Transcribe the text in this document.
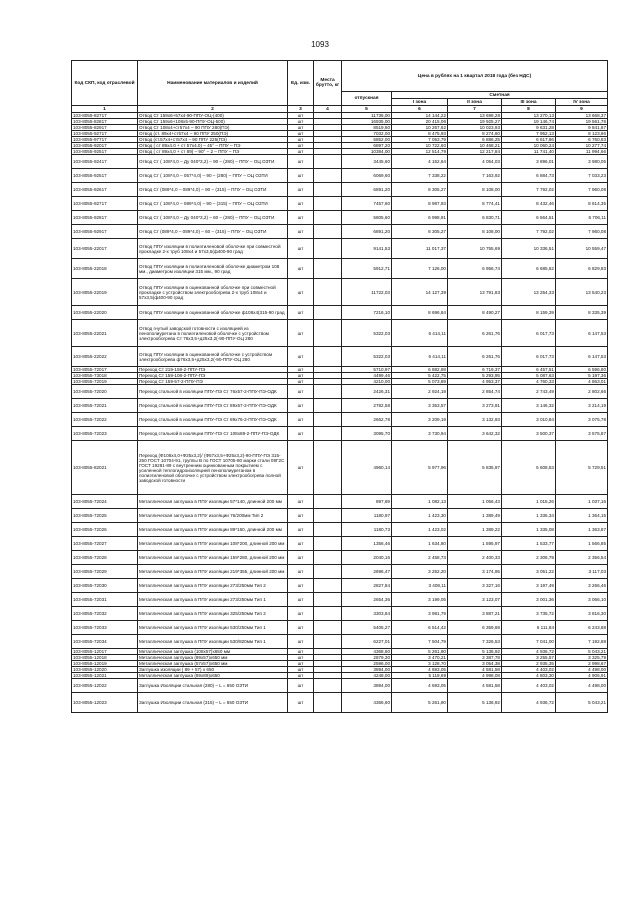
1093
Код СКП, код отраслевой	Наименование материалов и изделий	Ед. изм.	Места брутто, кг	Цена в рублях на 1 квартал 2018 года (без НДС)				
				отпускная	Сметная			
					I зона	II зона	III зона	IV зона
1	2	3	4	5	6	7	8	9
103-8055-82717	Отвод Ст 159х6+57х4-90-ППУ-ОЦ-(400)	шт		11736,00	14 144,22	13 698,28	13 270,13	13 668,37
103-8055-82817	Отвод Ст 159х6+108х5-90-ППУ-ОЦ-500)	шт		16935,00	20 415,06	19 925,27	19 146,74	19 561,76
103-8055-82917	Отвод Ст 108х4+ст57х4 – 90 ППУ 280(ПЭ)	шт		8519,60	10 267,62	10 023,93	9 631,28	9 841,67
103-8055-92717	Отвод (ст. 89х4+ст57х4 – 90 ППУ 250(ПЭ)	шт		7032,00	8 475,93	8 274,60	7 952,13	8 123,86
103-8055-97717	Отвод (ст.57х4+ст57х4 – 90 ППУ 225(ПЭ)	шт		5852,00	7 053,79	6 886,25	6 617,86	6 760,83
103-8055-92017	Отвод ( ст 89х4.0 + ст 57х4.0) – 45° – ППУ – ПЭ	шт		6897,20	10 722,60	10 468,21	10 060,24	10 277,74
103-8055-92517	Отвод ( ст 89х4,0 + ст 89) – 90° – 2 – ППУ – ПЭ	шт		10384,00	12 514,79	12 217,84	11 741,40	11 994,66
103-8055-92417	Отвод Ст ( 108*4,0 – Дy 040*3,2) – 90 – (280) – ППУ – ОЦ ОЗТИ	шт		3445,60	4 152,64	4 054,03	3 896,01	3 980,05
103-8055-92517	Отвод Ст ( 108*4,0 – 057*4,0) – 90 – (280) – ППУ – ОЦ ОЗТИ	шт		6069,60	7 338,22	7 163,92	6 884,73	7 033,23
103-8055-92617	Отвод Ст (089*4,0 – 089*4,0) – 90 – (315) – ППУ – ОЦ ОЗТИ	шт		6891,20	8 305,27	8 108,00	7 792,02	7 960,08
103-8055-92717	Отвод Ст ( 108*4,0 – 089*4,0) – 90 – (315) – ППУ – ОЦ ОЗТИ	шт		7457,60	8 987,93	8 774,41	8 432,46	8 614,35
103-8055-92817	Отвод Ст ( 108*4,0 – Дy 040*3,2) – 60 – (280) – ППУ – ОЦ ОЗТИ	шт		5805,60	6 998,91	6 830,71	6 564,51	6 706,11
103-8055-92917	Отвод Ст (089*4,0 – 089*4,0) – 60 – (315) – ППУ – ОЦ ОЗТИ	шт		6891,20	8 305,27	8 108,00	7 792,02	7 960,08
103-8055-22017	Отвод ППУ изоляции в полиэтиленовой оболочке при совместной прокладке 2-х труб 108х4 и 57х3,5(ф400-90 град	шт		9141,53	11 017,37	10 755,69	10 336,51	10 559,47
103-8055-22018	Отвод ППУ изоляции в полиэтиленовой оболочке диаметром 108 мм., диаметром изоляции 315 мм., 90 град	шт		5912,71	7 126,00	6 956,74	6 685,62	6 829,83
103-8055-22019	Отвод ППУ изоляции в оцинкованной оболочке при совместной прокладке с устройством электрообогрева 2-х труб 108х4 и 57х3,5(ф400-90 град	шт		11722,03	14 127,39	13 791,83	13 254,33	13 540,23
103-8055-22020	Отвод ППУ изоляции в оцинкованной оболочке ф108х4(315-90 град	шт		7216,10	8 696,84	8 490,27	8 159,39	8 335,39
103-8055-22021	Отвод гнутый заводской готовности с изоляцией из пенополиуретана в полиэтиленовой оболочке с устройством электрообогрева Ст 76х3,5+д25х3,2(-90-ППУ-ОЦ 280	шт		5322,03	6 414,11	6 261,76	6 017,73	6 147,53
103-8055-22022	Отвод ППУ изоляции в оцинкованной оболочке с устройством электрообогрева ф76х3,5+д25х3,2(-90-ППУ-ОЦ 280	шт		5322,03	6 414,11	6 261,76	6 017,73	6 147,53
103-8055-72017	Переход Ст 219-159-2-ППУ-ПЭ	шт		5710,97	6 882,88	6 719,37	6 457,51	6 596,80
103-8055-73018	Переход Ст 159-108-2-ППУ-ПЭ	шт		4499,46	5 422,75	5 293,95	5 087,63	5 197,36
103-8055-72019	Переход Ст 159-57-2-ППУ-ПЭ	шт		4210,00	5 073,89	4 953,37	4 760,33	4 863,01
103-8055-72020	Переход стальной в изоляции ППУ-ПЭ Ст 76х57-2-ППУ-ПЭ-ОДК	шт		2426,31	2 924,19	2 854,74	2 743,49	2 802,66
103-8055-72021	Переход стальной в изоляции ППУ-ПЭ Ст 89х57-2-ППУ-ПЭ-ОДК	шт		2782,58	3 353,57	3 273,91	3 146,32	3 214,19
103-8055-72022	Переход стальной в изоляции ППУ-ПЭ Ст 89х76-2-ППУ-ПЭ-ОДК	шт		2662,78	3 209,19	3 132,93	3 010,84	3 075,78
103-8055-72023	Переход стальной в изоляции ППУ-ПЭ Ст 108х89-2-ППУ-ПЭ-ОДК	шт		3095,70	3 730,94	3 642,32	3 500,37	3 575,87
103-8055-82021	Переход (Ф108х4,0+Ф25х3,2)/ (Ф57х3,5+Ф25х3,2)-90-ППУ-ПЭ 315-250 ГОСТ 10704-91, группы В по ГОСТ 10705-80 марки стали 09Г2С ГОСТ 19281-89 с внутренним оцинкованным покрытием с усиленной теплогидроизоляцией пенополиуретаном в полиэтиленовой оболочке с устройством электрообогрева полной заводской готовности	шт		4960,14	5 977,96	5 835,97	5 608,53	5 729,51
103-8055-72024	Металлическая заглушка в ППУ изоляции 57*140, длинной 200 мм	шт		897,69	1 082,13	1 056,43	1 015,26	1 037,16
103-8055-72025	Металлическая заглушка в ППУ изоляции 76/200мм Тип 2	шт		1180,97	1 423,30	1 389,49	1 335,34	1 364,15
103-8055-72026	Металлическая заглушка в ППУ изоляции 89*160, длинной 200 мм	шт		1180,73	1 423,02	1 389,22	1 335,08	1 363,87
103-8055-72027	Металлическая заглушка в ППУ изоляции 108*200, длинной 200 мм	шт		1356,46	1 634,80	1 595,97	1 533,77	1 566,85
103-8055-72028	Металлическая заглушка в ППУ изоляции 159*280, длинной 200 мм	шт		2040,16	2 458,73	2 400,33	2 306,79	2 356,54
103-8055-72029	Металлическая заглушка в ППУ изоляции 219*355, длинной 200 мм	шт		2696,47	3 252,20	3 174,95	3 051,22	3 117,03
103-8055-72030	Металлическая заглушка в ППУ изоляции 273/250мм Тип 2	шт		2827,84	3 408,11	3 327,16	3 197,49	3 266,46
103-8055-72031	Металлическая заглушка в ППУ изоляции 273/250мм Тип 1	шт		2654,36	3 199,05	3 123,07	3 001,36	3 066,10
103-8055-72032	Металлическая заглушка в ППУ изоляции 325/250мм Тип 2	шт		3303,84	3 981,79	3 887,21	3 735,72	3 816,30
103-8055-72033	Металлическая заглушка в ППУ изоляции 530/250мм Тип 1	шт		5405,27	6 514,42	6 359,69	6 111,84	6 243,68
103-8055-72034	Металлическая заглушка в ППУ изоляции 530/820мм Тип 1	шт		6227,01	7 504,79	7 326,53	7 041,00	7 192,88
103-8055-12017	Металлическая заглушка (108х57)х650 мм	шт		4368,60	5 261,90	5 136,92	4 936,72	5 043,21
103-8055-12018	Металлическая заглушка (89х57)х650 мм	шт		2879,30	3 470,21	3 387,78	3 255,57	3 325,79
103-8055-12019	Металлическая заглушка (57х57)х650 мм	шт		2596,00	3 128,70	3 054,38	2 935,35	2 998,67
103-8055-12020	Заглушка изоляции ( 89 + 57) х 650	шт		3894,00	4 693,05	4 581,58	4 403,02	4 498,00
103-8055-12021	Металлическая заглушка (89х89)х650	шт		4248,00	5 119,69	4 998,08	4 803,30	4 906,91
103-8055-12022	Заглушка Изоляции стальная (280) – L = 650 ОЗТИ	шт		3894,00	4 693,05	4 581,58	4 403,02	4 498,00
103-8055-12023	Заглушка Изоляции стальная (315) – L = 650 ОЗТИ	шт		4366,60	5 261,90	5 136,92	4 936,72	5 043,21
